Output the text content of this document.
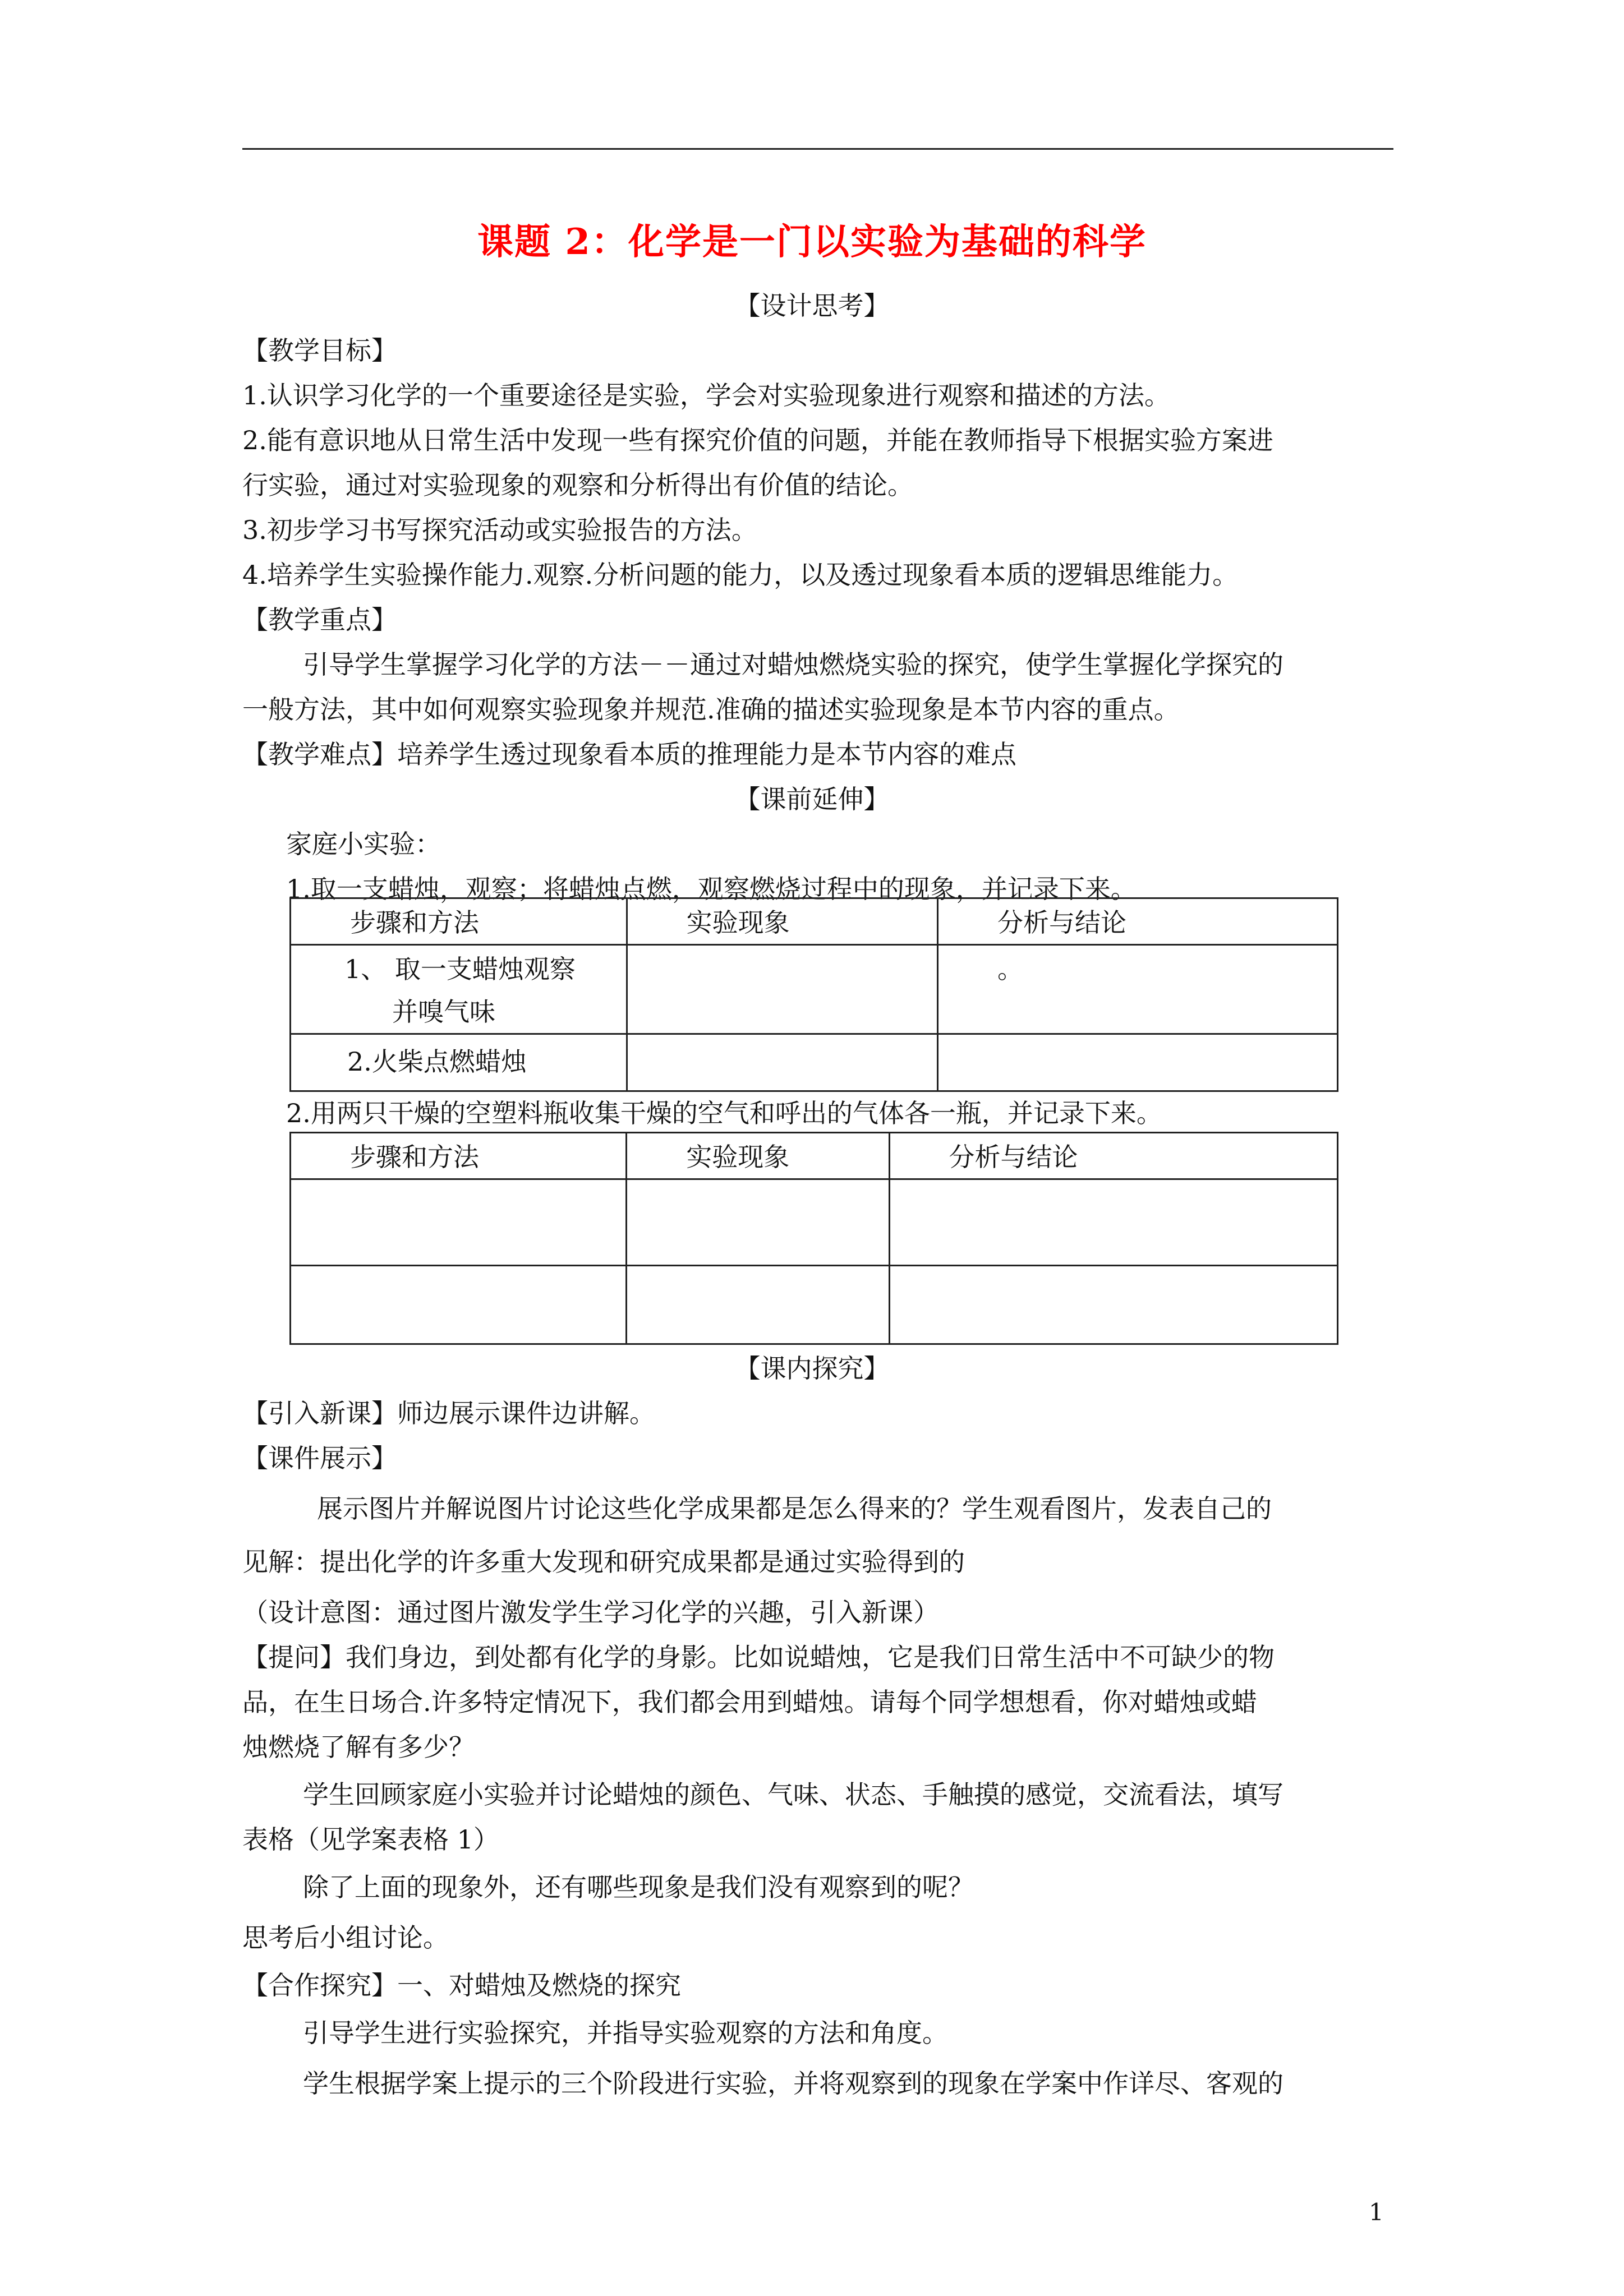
课题 2：化学是一门以实验为基础的科学
【设计思考】
【教学目标】
1.认识学习化学的一个重要途径是实验，学会对实验现象进行观察和描述的方法。
2.能有意识地从日常生活中发现一些有探究价值的问题，并能在教师指导下根据实验方案进
行实验，通过对实验现象的观察和分析得出有价值的结论。
3.初步学习书写探究活动或实验报告的方法。
4.培养学生实验操作能力.观察.分析问题的能力，以及透过现象看本质的逻辑思维能力。
【教学重点】
引导学生掌握学习化学的方法－－通过对蜡烛燃烧实验的探究，使学生掌握化学探究的
一般方法，其中如何观察实验现象并规范.准确的描述实验现象是本节内容的重点。
【教学难点】培养学生透过现象看本质的推理能力是本节内容的难点
【课前延伸】
家庭小实验：
1.取一支蜡烛，观察；将蜡烛点燃，观察燃烧过程中的现象，并记录下来。
步骤和方法	实验现象	分析与结论

1、 取一支蜡烛观察
并嗅气味		。

2.火柴点燃蜡烛		

2.用两只干燥的空塑料瓶收集干燥的空气和呼出的气体各一瓶，并记录下来。
步骤和方法	实验现象	分析与结论

【课内探究】
【引入新课】师边展示课件边讲解。
【课件展示】
展示图片并解说图片讨论这些化学成果都是怎么得来的？学生观看图片，发表自己的
见解：提出化学的许多重大发现和研究成果都是通过实验得到的
（设计意图：通过图片激发学生学习化学的兴趣，引入新课）
【提问】我们身边，到处都有化学的身影。比如说蜡烛，它是我们日常生活中不可缺少的物
品，在生日场合.许多特定情况下，我们都会用到蜡烛。请每个同学想想看，你对蜡烛或蜡
烛燃烧了解有多少？
学生回顾家庭小实验并讨论蜡烛的颜色、气味、状态、手触摸的感觉，交流看法，填写
表格（见学案表格 1）
除了上面的现象外，还有哪些现象是我们没有观察到的呢？
思考后小组讨论。
【合作探究】一、对蜡烛及燃烧的探究
引导学生进行实验探究，并指导实验观察的方法和角度。
学生根据学案上提示的三个阶段进行实验，并将观察到的现象在学案中作详尽、客观的
1
